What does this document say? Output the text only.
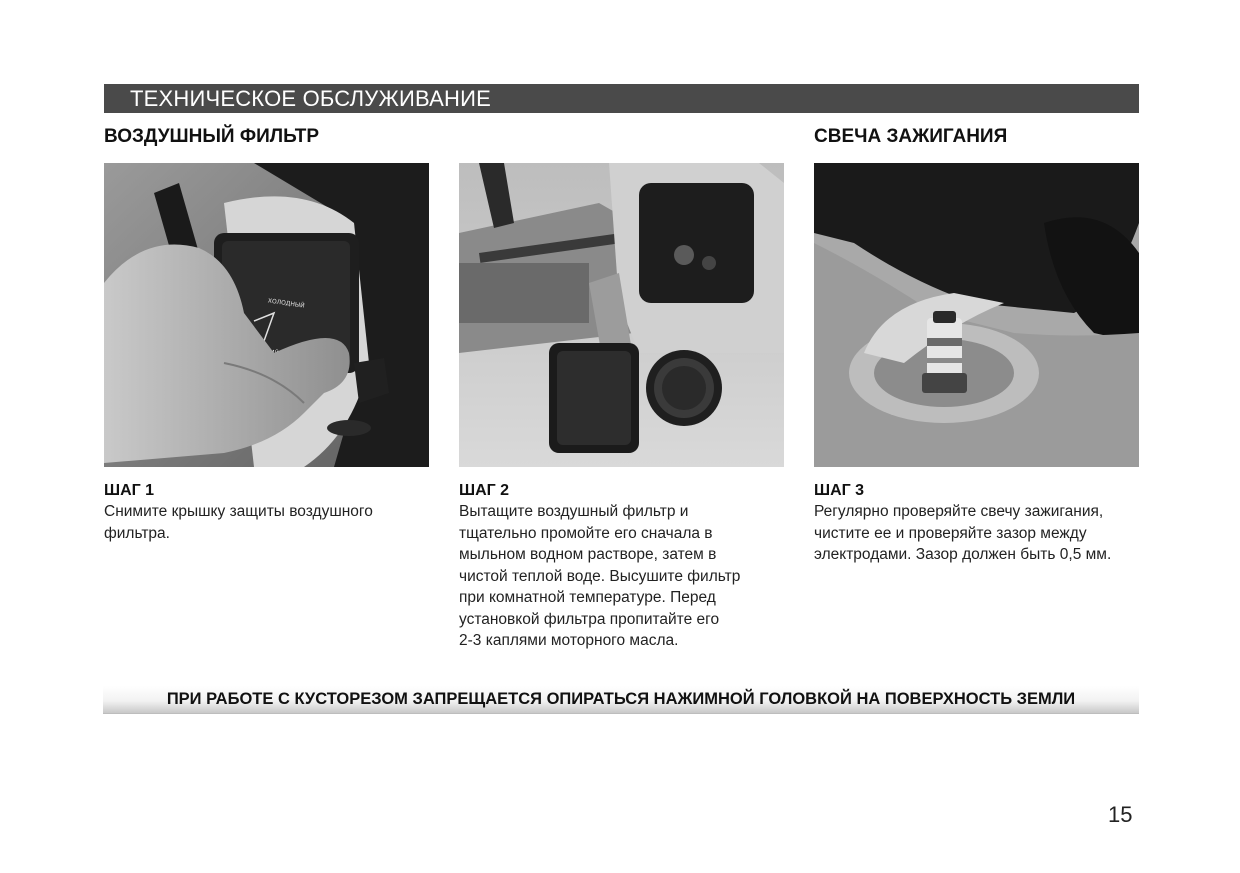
ТЕХНИЧЕСКОЕ ОБСЛУЖИВАНИЕ
ВОЗДУШНЫЙ ФИЛЬТР	СВЕЧА ЗАЖИГАНИЯ
ХОЛОДНЫЙ
ШАГ 1
Снимите крышку защиты воздушного
фильтра.
ШАГ 2
Вытащите воздушный фильтр и
тщательно промойте его сначала в
мыльном водном растворе, затем в
чистой теплой воде. Высушите фильтр
при комнатной температуре. Перед
установкой фильтра пропитайте его
2-3 каплями моторного масла.
ШАГ 3
Регулярно проверяйте свечу зажигания,
чистите ее и проверяйте зазор между
электродами. Зазор должен быть 0,5 мм.
ПРИ РАБОТЕ С КУСТОРЕЗОМ ЗАПРЕЩАЕТСЯ ОПИРАТЬСЯ НАЖИМНОЙ ГОЛОВКОЙ НА ПОВЕРХНОСТЬ ЗЕМЛИ
15
